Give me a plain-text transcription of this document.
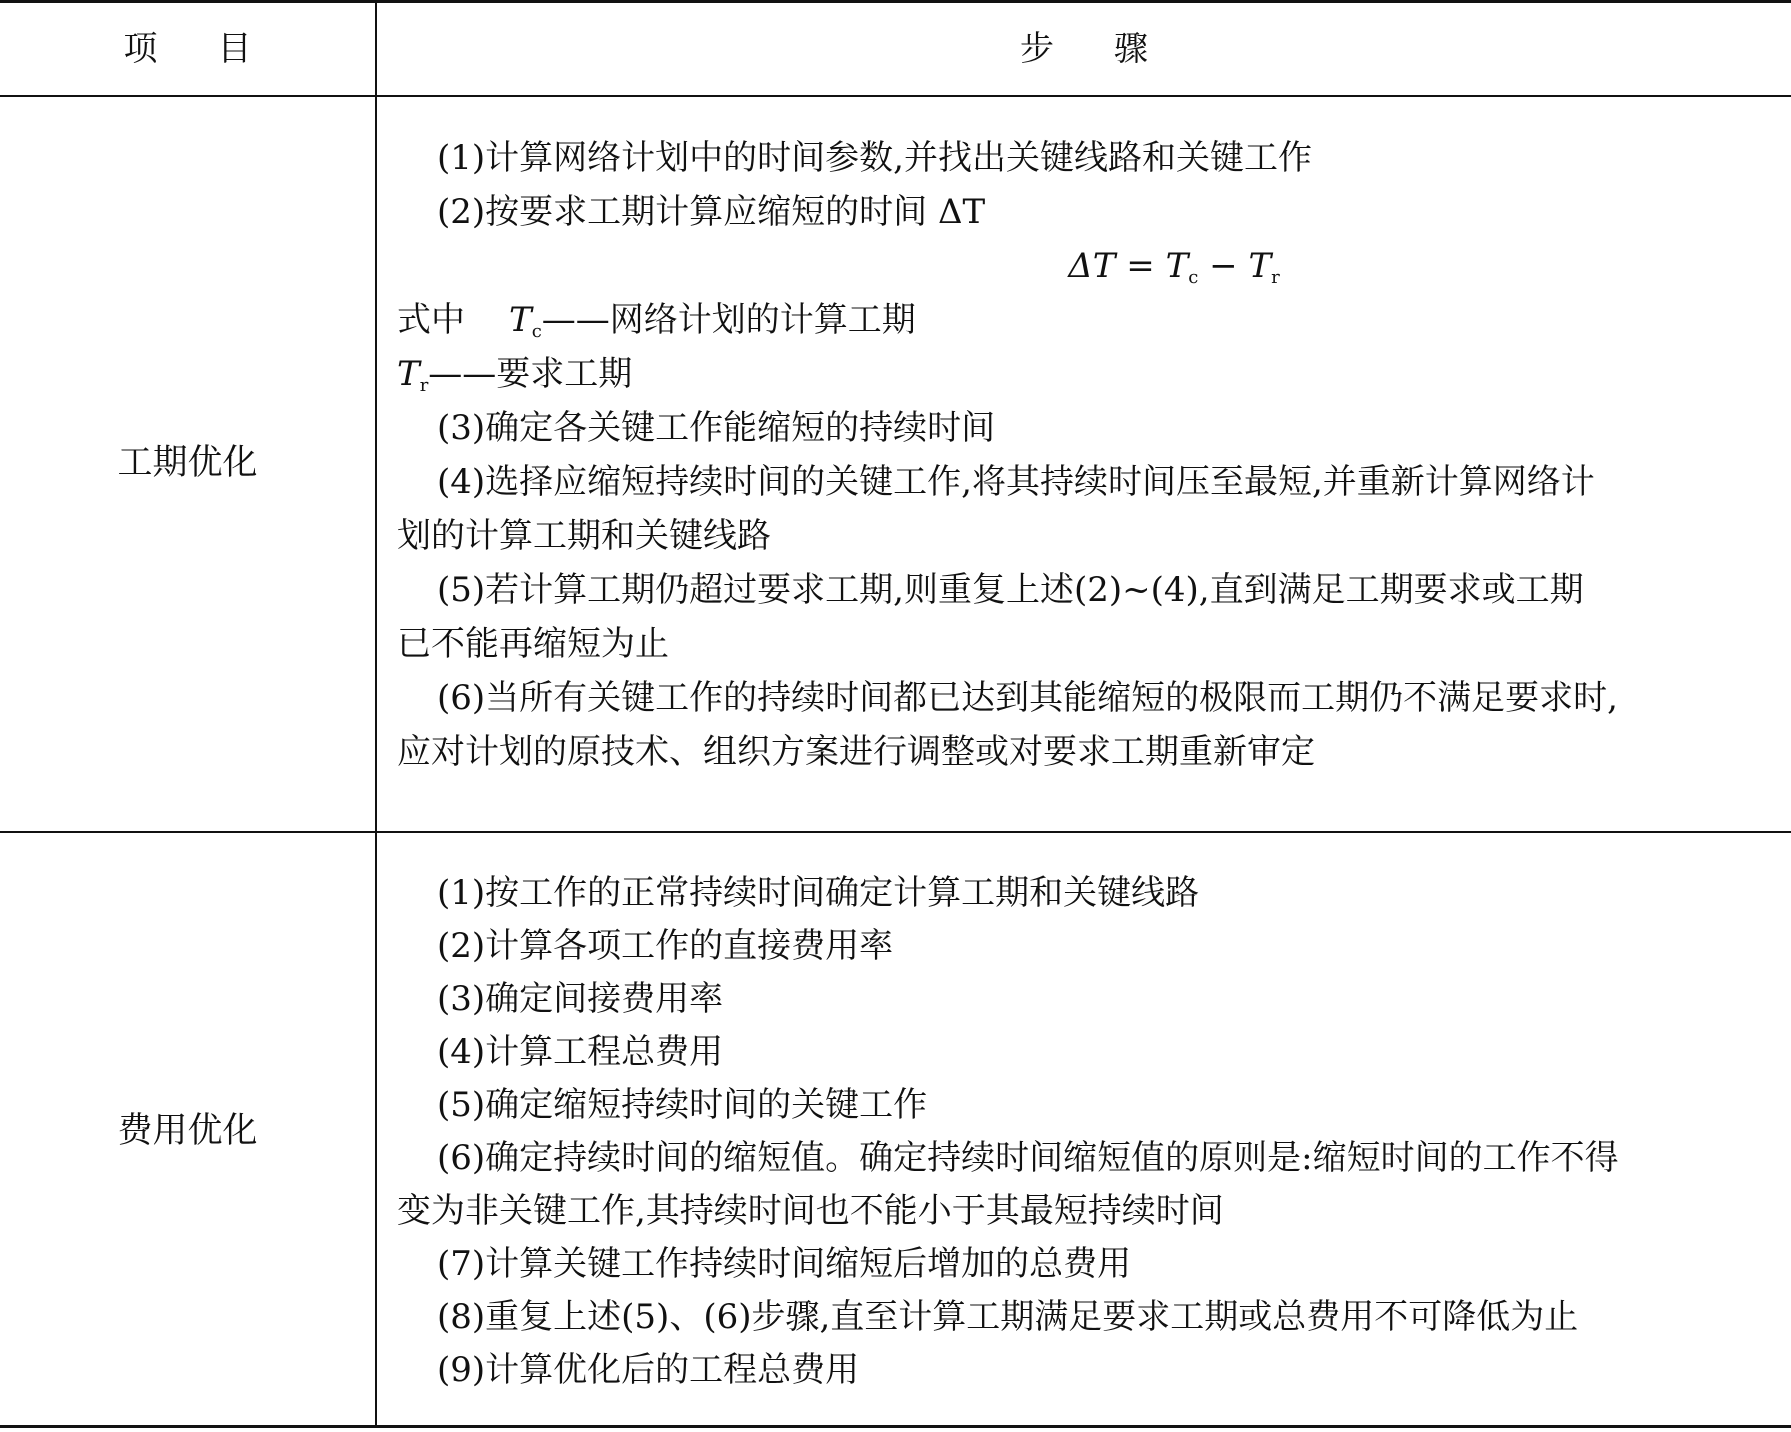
项目	步骤
工期优化
(1)计算网络计划中的时间参数,并找出关键线路和关键工作
(2)按要求工期计算应缩短的时间 ΔT
$\Delta T = T_c - T_r$
式中 $T_c——$网络计划的计算工期
$T_r——$要求工期
(3)确定各关键工作能缩短的持续时间
(4)选择应缩短持续时间的关键工作,将其持续时间压至最短,并重新计算网络计
划的计算工期和关键线路
(5)若计算工期仍超过要求工期,则重复上述(2)~(4),直到满足工期要求或工期
已不能再缩短为止
(6)当所有关键工作的持续时间都已达到其能缩短的极限而工期仍不满足要求时,
应对计划的原技术、组织方案进行调整或对要求工期重新审定
费用优化
(1)按工作的正常持续时间确定计算工期和关键线路
(2)计算各项工作的直接费用率
(3)确定间接费用率
(4)计算工程总费用
(5)确定缩短持续时间的关键工作
(6)确定持续时间的缩短值。确定持续时间缩短值的原则是:缩短时间的工作不得
变为非关键工作,其持续时间也不能小于其最短持续时间
(7)计算关键工作持续时间缩短后增加的总费用
(8)重复上述(5)、(6)步骤,直至计算工期满足要求工期或总费用不可降低为止
(9)计算优化后的工程总费用
